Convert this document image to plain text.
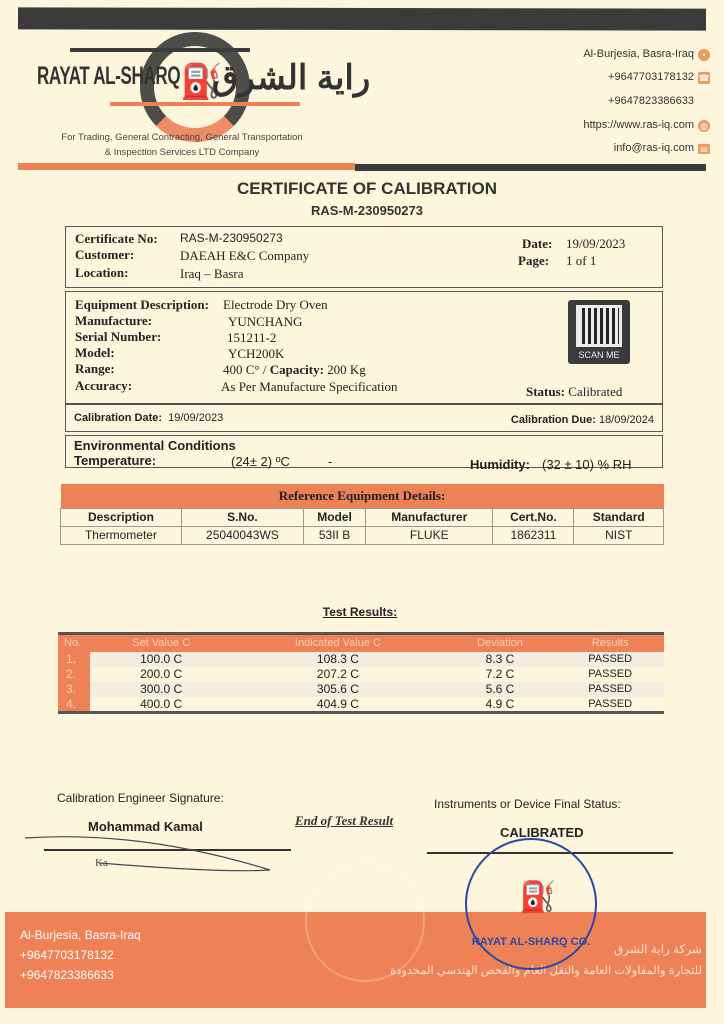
⛽
RAYAT AL-SHARQ راية الشرق
For Trading, General Contracting, General Transportation
& Inspection Services LTD Company
Al-Burjesia, Basra-Iraq •
+9647703178132 ☎
+9647823386633
https://www.ras-iq.com ◍
info@ras-iq.com ✉
CERTIFICATE OF CALIBRATION
RAS-M-230950273
Certificate No: RAS-M-230950273
Customer:	DAEAH E&C Company
Location:	Iraq – Basra
Date: 19/09/2023
Page: 1 of 1
Equipment Description: Electrode Dry Oven
Manufacture:	YUNCHANG
Serial Number:	151211-2
Model:	YCH200K
Range:	400 C° / Capacity: 200 Kg
Accuracy:	As Per Manufacture Specification
SCAN ME
Status: Calibrated
Calibration Date: 19/09/2023	Calibration Due: 18/09/2024
Environmental Conditions
Temperature:	(24± 2) ºC	-	Humidity: (32 ± 10) % RH
Reference Equipment Details:					
Description	S.No.	Model	Manufacturer	Cert.No.	Standard
Thermometer	25040043WS	53II B	FLUKE	1862311	NIST
Test Results:
No.	Set Value C	Indicated Value C	Deviation	Results
1.	100.0 C	108.3 C	8.3 C	PASSED
2.	200.0 C	207.2 C	7.2 C	PASSED
3.	300.0 C	305.6 C	5.6 C	PASSED
4.	400.0 C	404.9 C	4.9 C	PASSED
Calibration Engineer Signature:
Mohammad Kamal
Ka
End of Test Result
Instruments or Device Final Status:
CALIBRATED
Al-Burjesia, Basra-Iraq
+9647703178132
+9647823386633
شركة راية الشرق
للتجارة والمقاولات العامة والنقل العام والفحص الهندسي المحدودة
⛽
RAYAT AL-SHARQ CO.
